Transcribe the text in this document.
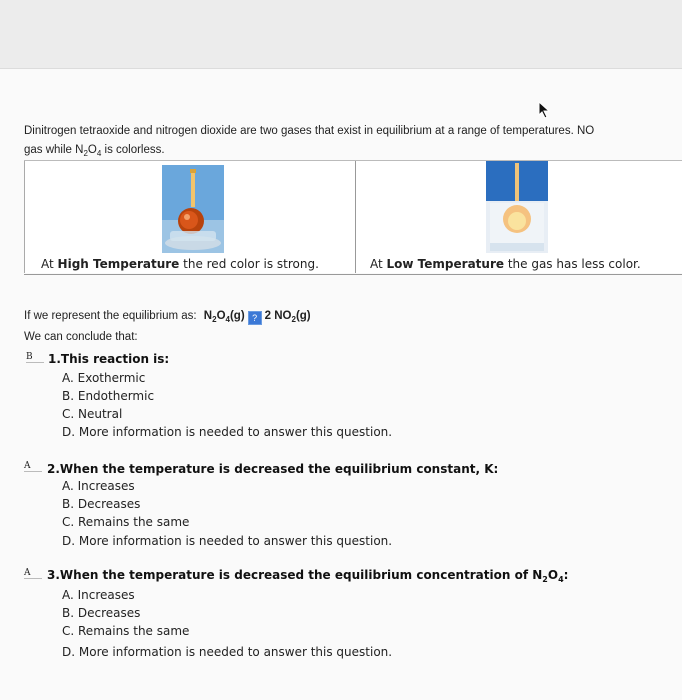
Dinitrogen tetraoxide and nitrogen dioxide are two gases that exist in equilibrium at a range of temperatures. NO
gas while $N_2O_4$ is colorless.
At High Temperature the red color is strong.	At Low Temperature the gas has less color.
If we represent the equilibrium as: $N_2O_4(g)$ ? 2 $NO_2(g)$
We can conclude that:
B	1.This reaction is:
A. Exothermic
B. Endothermic
C. Neutral
D. More information is needed to answer this question.
A	2.When the temperature is decreased the equilibrium constant, K:
A. Increases
B. Decreases
C. Remains the same
D. More information is needed to answer this question.
A	3.When the temperature is decreased the equilibrium concentration of $N_2O_4$:
A. Increases
B. Decreases
C. Remains the same
D. More information is needed to answer this question.
